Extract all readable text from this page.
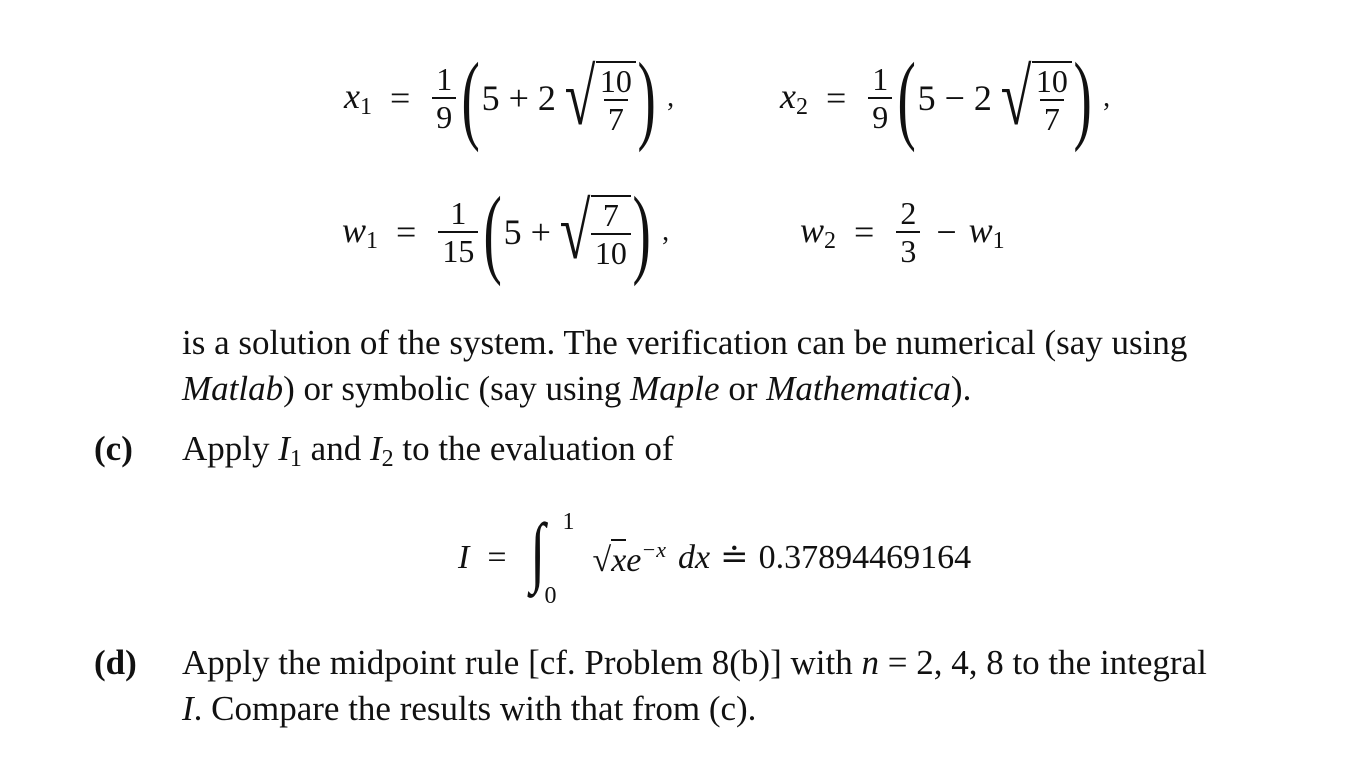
$x_1 = \frac{1}{9}$ ( 5 + 2 √ $\frac{10}{7}$ ) ,	$x_2 = \frac{1}{9}$ ( 5 − 2 √ $\frac{10}{7}$ ) ,
$w_1 = \frac{1}{15}$ ( 5 + √ $\frac{7}{10}$ ) ,	$w_2 = \frac{2}{3} - w_1$
is a solution of the system. The verification can be numerical (say using
Matlab) or symbolic (say using Maple or Mathematica).
(c) Apply $I_1$ and $I_2$ to the evaluation of
I = ∫ 1
0
$√xe^{-x}$ dx ≐ 0.37894469164
(d) Apply the midpoint rule [cf. Problem 8(b)] with n = 2, 4, 8 to the integral
I. Compare the results with that from (c).
